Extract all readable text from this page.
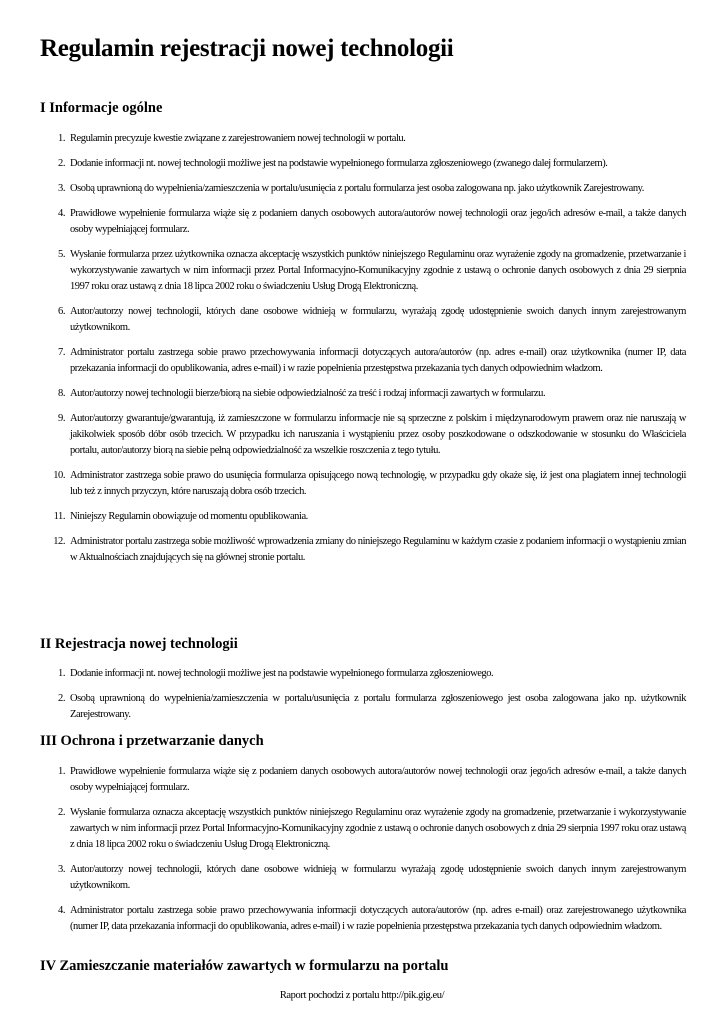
Regulamin rejestracji nowej technologii
I Informacje ogólne
1. Regulamin precyzuje kwestie związane z zarejestrowaniem nowej technologii w portalu.
2. Dodanie informacji nt. nowej technologii możliwe jest na podstawie wypełnionego formularza zgłoszeniowego (zwanego dalej formularzem).
3. Osobą uprawnioną do wypełnienia/zamieszczenia w portalu/usunięcia z portalu formularza jest osoba zalogowana np. jako użytkownik Zarejestrowany.
4. Prawidłowe wypełnienie formularza wiąże się z podaniem danych osobowych autora/autorów nowej technologii oraz jego/ich adresów e-mail, a także danych osoby wypełniającej formularz.
5. Wysłanie formularza przez użytkownika oznacza akceptację wszystkich punktów niniejszego Regulaminu oraz wyrażenie zgody na gromadzenie, przetwarzanie i wykorzystywanie zawartych w nim informacji przez Portal Informacyjno-Komunikacyjny zgodnie z ustawą o ochronie danych osobowych z dnia 29 sierpnia 1997 roku oraz ustawą z dnia 18 lipca 2002 roku o świadczeniu Usług Drogą Elektroniczną.
6. Autor/autorzy nowej technologii, których dane osobowe widnieją w formularzu, wyrażają zgodę udostępnienie swoich danych innym zarejestrowanym użytkownikom.
7. Administrator portalu zastrzega sobie prawo przechowywania informacji dotyczących autora/autorów (np. adres e-mail) oraz użytkownika (numer IP, data przekazania informacji do opublikowania, adres e-mail) i w razie popełnienia przestępstwa przekazania tych danych odpowiednim władzom.
8. Autor/autorzy nowej technologii bierze/biorą na siebie odpowiedzialność za treść i rodzaj informacji zawartych w formularzu.
9. Autor/autorzy gwarantuje/gwarantują, iż zamieszczone w formularzu informacje nie są sprzeczne z polskim i międzynarodowym prawem oraz nie naruszają w jakikolwiek sposób dóbr osób trzecich. W przypadku ich naruszania i wystąpieniu przez osoby poszkodowane o odszkodowanie w stosunku do Właściciela portalu, autor/autorzy biorą na siebie pełną odpowiedzialność za wszelkie roszczenia z tego tytułu.
10. Administrator zastrzega sobie prawo do usunięcia formularza opisującego nową technologię, w przypadku gdy okaże się, iż jest ona plagiatem innej technologii lub też z innych przyczyn, które naruszają dobra osób trzecich.
11. Niniejszy Regulamin obowiązuje od momentu opublikowania.
12. Administrator portalu zastrzega sobie możliwość wprowadzenia zmiany do niniejszego Regulaminu w każdym czasie z podaniem informacji o wystąpieniu zmian w Aktualnościach znajdujących się na głównej stronie portalu.
II Rejestracja nowej technologii
1. Dodanie informacji nt. nowej technologii możliwe jest na podstawie wypełnionego formularza zgłoszeniowego.
2. Osobą uprawnioną do wypełnienia/zamieszczenia w portalu/usunięcia z portalu formularza zgłoszeniowego jest osoba zalogowana jako np. użytkownik Zarejestrowany.
III Ochrona i przetwarzanie danych
1. Prawidłowe wypełnienie formularza wiąże się z podaniem danych osobowych autora/autorów nowej technologii oraz jego/ich adresów e-mail, a także danych osoby wypełniającej formularz.
2. Wysłanie formularza oznacza akceptację wszystkich punktów niniejszego Regulaminu oraz wyrażenie zgody na gromadzenie, przetwarzanie i wykorzystywanie zawartych w nim informacji przez Portal Informacyjno-Komunikacyjny zgodnie z ustawą o ochronie danych osobowych z dnia 29 sierpnia 1997 roku oraz ustawą z dnia 18 lipca 2002 roku o świadczeniu Usług Drogą Elektroniczną.
3. Autor/autorzy nowej technologii, których dane osobowe widnieją w formularzu wyrażają zgodę udostępnienie swoich danych innym zarejestrowanym użytkownikom.
4. Administrator portalu zastrzega sobie prawo przechowywania informacji dotyczących autora/autorów (np. adres e-mail) oraz zarejestrowanego użytkownika (numer IP, data przekazania informacji do opublikowania, adres e-mail) i w razie popełnienia przestępstwa przekazania tych danych odpowiednim władzom.
IV Zamieszczanie materiałów zawartych w formularzu na portalu
Raport pochodzi z portalu http://pik.gig.eu/
